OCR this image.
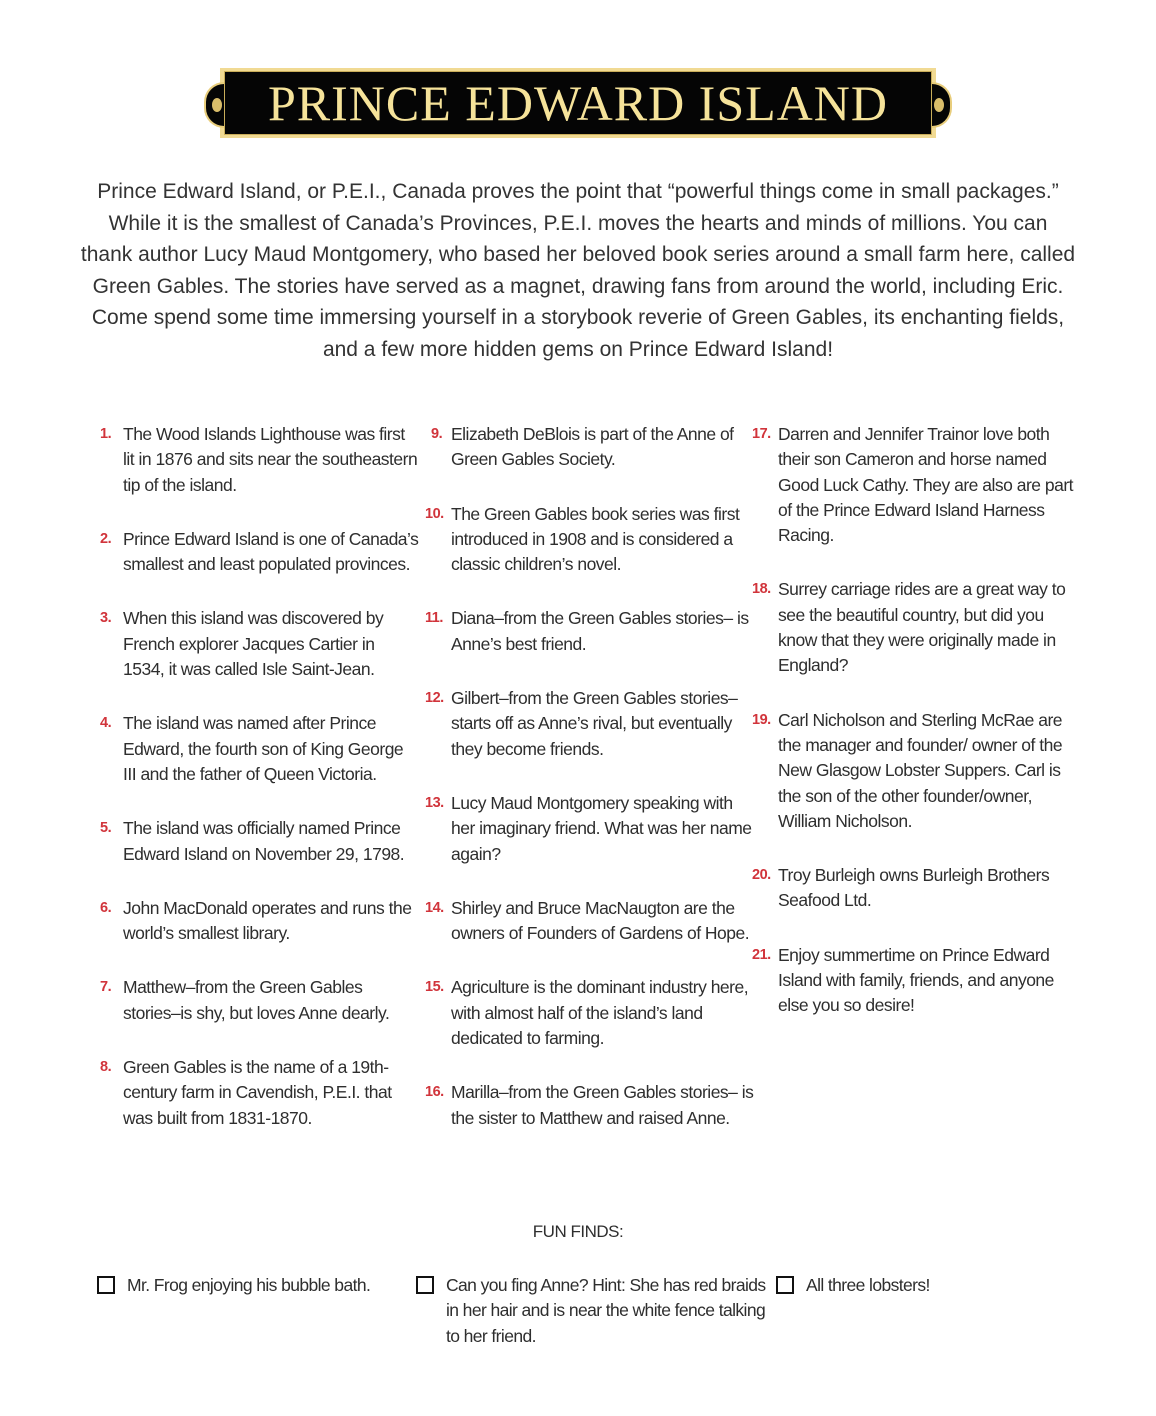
PRINCE EDWARD ISLAND

Prince Edward Island, or P.E.I., Canada proves the point that “powerful things come in small packages.” While it is the smallest of Canada’s Provinces, P.E.I. moves the hearts and minds of millions. You can thank author Lucy Maud Montgomery, who based her beloved book series around a small farm here, called Green Gables. The stories have served as a magnet, drawing fans from around the world, including Eric. Come spend some time immersing yourself in a storybook reverie of Green Gables, its enchanting fields, and a few more hidden gems on Prince Edward Island!

1. The Wood Islands Lighthouse was first lit in 1876 and sits near the southeastern tip of the island.
2. Prince Edward Island is one of Canada’s smallest and least populated provinces.
3. When this island was discovered by French explorer Jacques Cartier in 1534, it was called Isle Saint-Jean.
4. The island was named after Prince Edward, the fourth son of King George III and the father of Queen Victoria.
5. The island was officially named Prince Edward Island on November 29, 1798.
6. John MacDonald operates and runs the world’s smallest library.
7. Matthew–from the Green Gables stories–is shy, but loves Anne dearly.
8. Green Gables is the name of a 19th-century farm in Cavendish, P.E.I. that was built from 1831-1870.
9. Elizabeth DeBlois is part of the Anne of Green Gables Society.
10. The Green Gables book series was first introduced in 1908 and is considered a classic children’s novel.
11. Diana–from the Green Gables stories– is Anne’s best friend.
12. Gilbert–from the Green Gables stories–starts off as Anne’s rival, but eventually they become friends.
13. Lucy Maud Montgomery speaking with her imaginary friend. What was her name again?
14. Shirley and Bruce MacNaugton are the owners of Founders of Gardens of Hope.
15. Agriculture is the dominant industry here, with almost half of the island’s land dedicated to farming.
16. Marilla–from the Green Gables stories– is the sister to Matthew and raised Anne.
17. Darren and Jennifer Trainor love both their son Cameron and horse named Good Luck Cathy. They are also are part of the Prince Edward Island Harness Racing.
18. Surrey carriage rides are a great way to see the beautiful country, but did you know that they were originally made in England?
19. Carl Nicholson and Sterling McRae are the manager and founder/ owner of the New Glasgow Lobster Suppers. Carl is the son of the other founder/owner, William Nicholson.
20. Troy Burleigh owns Burleigh Brothers Seafood Ltd.
21. Enjoy summertime on Prince Edward Island with family, friends, and anyone else you so desire!
FUN FINDS:
Mr. Frog enjoying his bubble bath.	Can you fing Anne? Hint: She has red braids in her hair and is near the white fence talking to her friend.
All three lobsters!
